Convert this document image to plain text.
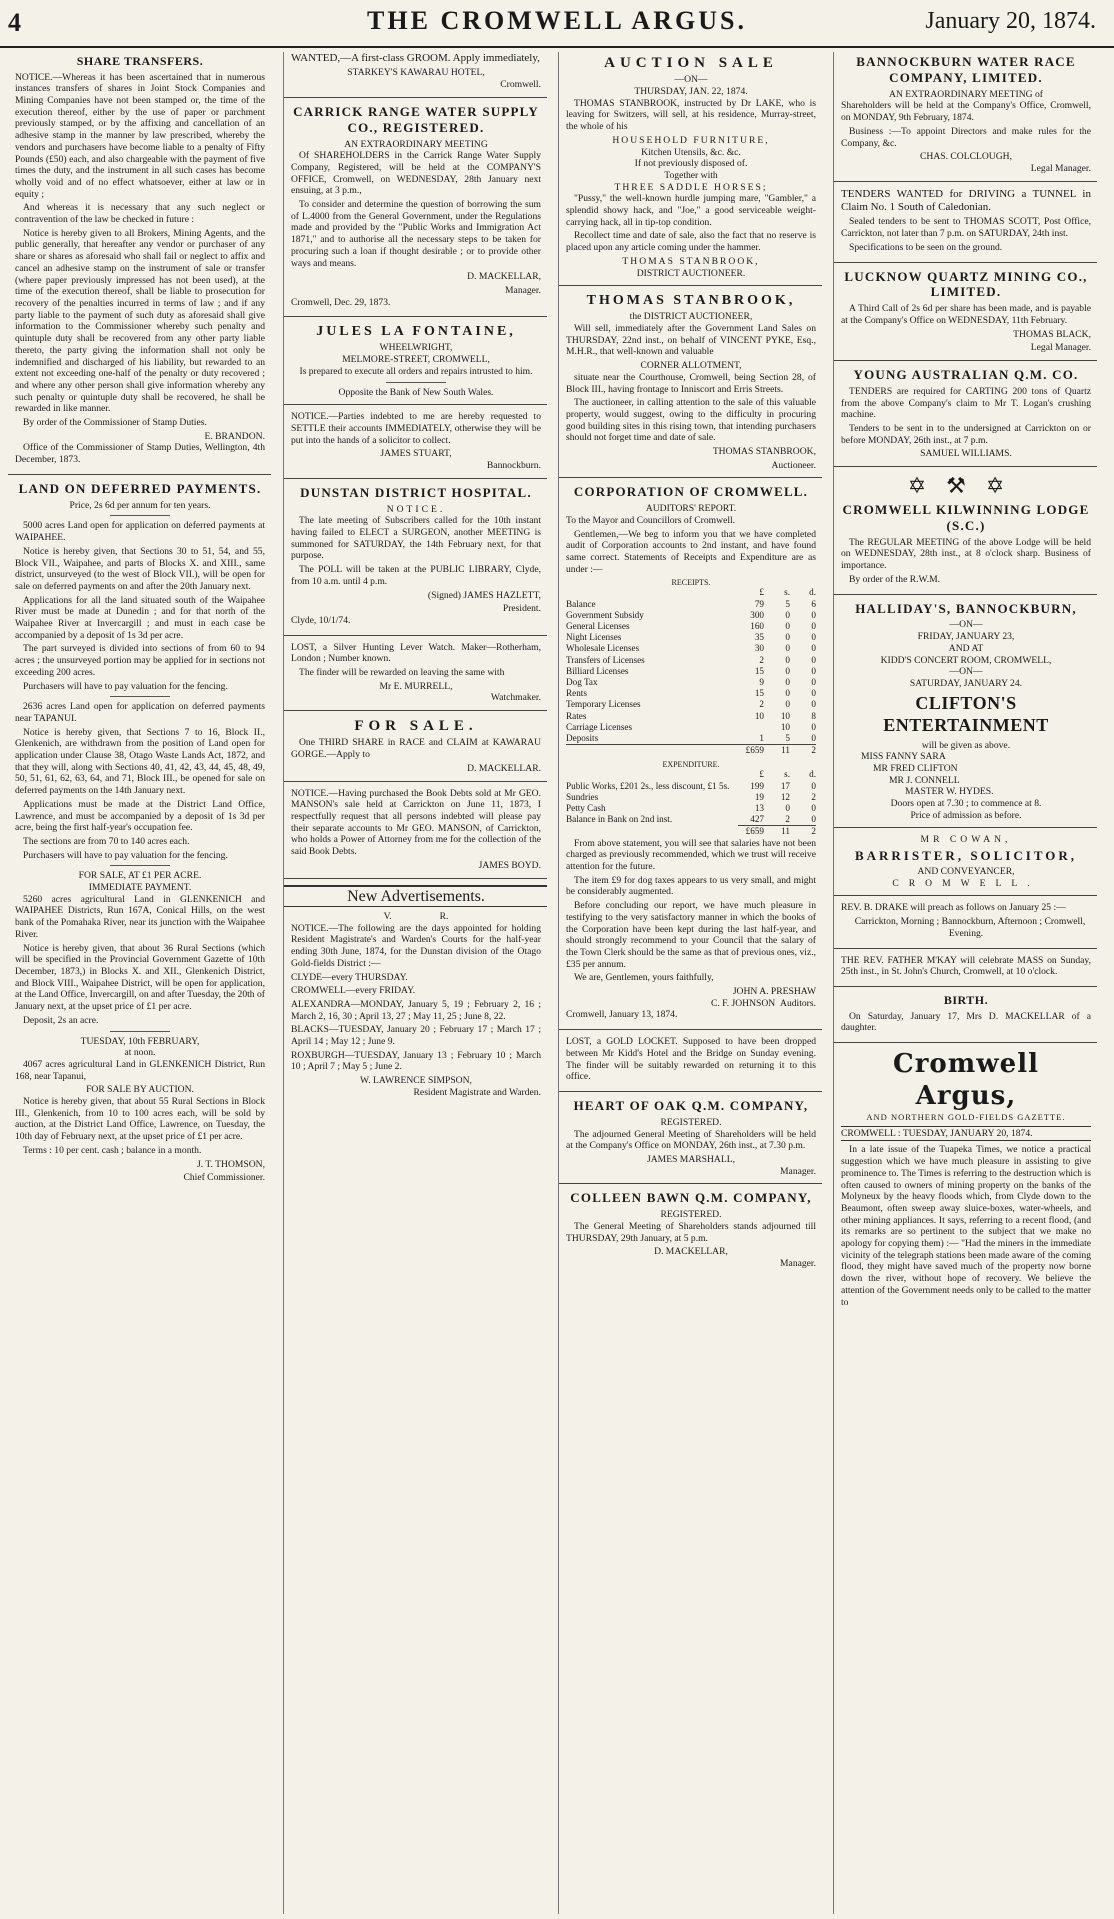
4	THE CROMWELL ARGUS.	January 20, 1874.
SHARE TRANSFERS.

NOTICE.—Whereas it has been ascertained that in numerous instances transfers of shares in Joint Stock Companies and Mining Companies have not been stamped or, the time of the execution thereof, either by the use of paper or parchment previously stamped, or by the affixing and cancellation of an adhesive stamp in the manner by law prescribed, whereby the vendors and purchasers have become liable to a penalty of Fifty Pounds (£50) each, and also chargeable with the payment of five times the duty, and the instrument in all such cases has become wholly void and of no effect whatsoever, either at law or in equity ;

And whereas it is necessary that any such neglect or contravention of the law be checked in future :

Notice is hereby given to all Brokers, Mining Agents, and the public generally, that hereafter any vendor or purchaser of any share or shares as aforesaid who shall fail or neglect to affix and cancel an adhesive stamp on the instrument of sale or transfer (where paper previously impressed has not been used), at the time of the execution thereof, shall be liable to prosecution for recovery of the penalties incurred in terms of law ; and if any party liable to the payment of such duty as aforesaid shall give information to the Commissioner whereby such penalty and quintuple duty shall be recovered from any other party liable thereto, the party giving the information shall not only be indemnified and discharged of his liability, but rewarded to an extent not exceeding one-half of the penalty or duty recovered ; and where any other person shall give information whereby any such penalty or quintuple duty shall be recovered, he shall be rewarded in like manner.

By order of the Commissioner of Stamp Duties.

E. BRANDON.

Office of the Commissioner of Stamp Duties, Wellington, 4th December, 1873.

LAND ON DEFERRED PAYMENTS.
Price, 2s 6d per annum for ten years.

5000 acres Land open for application on deferred payments at WAIPAHEE.

Notice is hereby given, that Sections 30 to 51, 54, and 55, Block VII., Waipahee, and parts of Blocks X. and XIII., same district, unsurveyed (to the west of Block VII.), will be open for sale on deferred payments on and after the 20th January next.

Applications for all the land situated south of the Waipahee River must be made at Dunedin ; and for that north of the Waipahee River at Invercargill ; and must in each case be accompanied by a deposit of 1s 3d per acre.

The part surveyed is divided into sections of from 60 to 94 acres ; the unsurveyed portion may be applied for in sections not exceeding 200 acres.

Purchasers will have to pay valuation for the fencing.

2636 acres Land open for application on deferred payments near TAPANUI.

Notice is hereby given, that Sections 7 to 16, Block II., Glenkenich, are withdrawn from the position of Land open for application under Clause 38, Otago Waste Lands Act, 1872, and that they will, along with Sections 40, 41, 42, 43, 44, 45, 48, 49, 50, 51, 61, 62, 63, 64, and 71, Block III., be opened for sale on deferred payments on the 14th January next.

Applications must be made at the District Land Office, Lawrence, and must be accompanied by a deposit of 1s 3d per acre, being the first half-year's occupation fee.

The sections are from 70 to 140 acres each.

Purchasers will have to pay valuation for the fencing.

FOR SALE, AT £1 PER ACRE.
IMMEDIATE PAYMENT.

5260 acres agricultural Land in GLENKENICH and WAIPAHEE Districts, Run 167A, Conical Hills, on the west bank of the Pomahaka River, near its junction with the Waipahee River.

Notice is hereby given, that about 36 Rural Sections (which will be specified in the Provincial Government Gazette of 10th December, 1873,) in Blocks X. and XII., Glenkenich District, and Block VIII., Waipahee District, will be open for application, at the Land Office, Invercargill, on and after Tuesday, the 20th of January next, at the upset price of £1 per acre.

Deposit, 2s an acre.

TUESDAY, 10th FEBRUARY,
at noon.

4067 acres agricultural Land in GLENKENICH District, Run 168, near Tapanui,

FOR SALE BY AUCTION.

Notice is hereby given, that about 55 Rural Sections in Block III., Glenkenich, from 10 to 100 acres each, will be sold by auction, at the District Land Office, Lawrence, on Tuesday, the 10th day of February next, at the upset price of £1 per acre.

Terms : 10 per cent. cash ; balance in a month.

J. T. THOMSON,
Chief Commissioner.

WANTED,—A first-class GROOM. Apply immediately,

STARKEY'S KAWARAU HOTEL,
Cromwell.
CARRICK RANGE WATER SUPPLY CO., REGISTERED.
AN EXTRAORDINARY MEETING

Of SHAREHOLDERS in the Carrick Range Water Supply Company, Registered, will be held at the COMPANY'S OFFICE, Cromwell, on WEDNESDAY, 28th January next ensuing, at 3 p.m.,

To consider and determine the question of borrowing the sum of L.4000 from the General Government, under the Regulations made and provided by the "Public Works and Immigration Act 1871," and to authorise all the necessary steps to be taken for procuring such a loan if thought desirable ; or to provide other ways and means.

D. MACKELLAR,
Manager.

Cromwell, Dec. 29, 1873.

JULES LA FONTAINE,
WHEELWRIGHT,
MELMORE-STREET, CROMWELL,

Is prepared to execute all orders and repairs intrusted to him.

Opposite the Bank of New South Wales.

NOTICE.—Parties indebted to me are hereby requested to SETTLE their accounts IMMEDIATELY, otherwise they will be put into the hands of a solicitor to collect.

JAMES STUART,
Bannockburn.
DUNSTAN DISTRICT HOSPITAL.
NOTICE.

The late meeting of Subscribers called for the 10th instant having failed to ELECT a SURGEON, another MEETING is summoned for SATURDAY, the 14th February next, for that purpose.

The POLL will be taken at the PUBLIC LIBRARY, Clyde, from 10 a.m. until 4 p.m.

(Signed) JAMES HAZLETT,
President.

Clyde, 10/1/74.

LOST, a Silver Hunting Lever Watch. Maker—Rotherham, London ; Number known.

The finder will be rewarded on leaving the same with

Mr E. MURRELL,
Watchmaker.
FOR SALE.

One THIRD SHARE in RACE and CLAIM at KAWARAU GORGE.—Apply to

D. MACKELLAR.

NOTICE.—Having purchased the Book Debts sold at Mr GEO. MANSON's sale held at Carrickton on June 11, 1873, I respectfully request that all persons indebted will please pay their separate accounts to Mr GEO. MANSON, of Carrickton, who holds a Power of Attorney from me for the collection of the said Book Debts.

JAMES BOYD.
New Advertisements.
V.                    R.

NOTICE.—The following are the days appointed for holding Resident Magistrate's and Warden's Courts for the half-year ending 30th June, 1874, for the Dunstan division of the Otago Gold-fields District :—

CLYDE—every THURSDAY.

CROMWELL—every FRIDAY.

ALEXANDRA—MONDAY, January 5, 19 ; February 2, 16 ; March 2, 16, 30 ; April 13, 27 ; May 11, 25 ; June 8, 22.

BLACKS—TUESDAY, January 20 ; February 17 ; March 17 ; April 14 ; May 12 ; June 9.

ROXBURGH—TUESDAY, January 13 ; February 10 ; March 10 ; April 7 ; May 5 ; June 2.

W. LAWRENCE SIMPSON,
Resident Magistrate and Warden.
AUCTION SALE
—ON—
THURSDAY, JAN. 22, 1874.

THOMAS STANBROOK, instructed by Dr LAKE, who is leaving for Switzers, will sell, at his residence, Murray-street, the whole of his

HOUSEHOLD FURNITURE,
Kitchen Utensils, &c. &c.
If not previously disposed of.
Together with
THREE SADDLE HORSES;

"Pussy," the well-known hurdle jumping mare, "Gambler," a splendid showy hack, and "Joe," a good serviceable weight-carrying hack, all in tip-top condition.

Recollect time and date of sale, also the fact that no reserve is placed upon any article coming under the hammer.

THOMAS STANBROOK,
DISTRICT AUCTIONEER.
THOMAS STANBROOK,
the DISTRICT AUCTIONEER,

Will sell, immediately after the Government Land Sales on THURSDAY, 22nd inst., on behalf of VINCENT PYKE, Esq., M.H.R., that well-known and valuable

CORNER ALLOTMENT,

situate near the Courthouse, Cromwell, being Section 28, of Block III., having frontage to Inniscort and Erris Streets.

The auctioneer, in calling attention to the sale of this valuable property, would suggest, owing to the difficulty in procuring good building sites in this rising town, that intending purchasers should not forget time and date of sale.

THOMAS STANBROOK,
Auctioneer.
CORPORATION OF CROMWELL.
AUDITORS' REPORT.

To the Mayor and Councillors of Cromwell.

Gentlemen,—We beg to inform you that we have completed audit of Corporation accounts to 2nd instant, and have found same correct. Statements of Receipts and Expenditure are as under :—

RECEIPTS.
	£	s.	d.
Balance	79	5	6
Government Subsidy	300	0	0
General Licenses	160	0	0
Night Licenses	35	0	0
Wholesale Licenses	30	0	0
Transfers of Licenses	2	0	0
Billiard Licenses	15	0	0
Dog Tax	9	0	0
Rents	15	0	0
Temporary Licenses	2	0	0
Rates	10	10	8
Carriage Licenses		10	0
Deposits	1	5	0
	£659	11	2
EXPENDITURE.
	£	s.	d.
Public Works, £201 2s., less discount, £1 5s.	199	17	0
Sundries	19	12	2
Petty Cash	13	0	0
Balance in Bank on 2nd inst.	427	2	0
	£659	11	2

From above statement, you will see that salaries have not been charged as previously recommended, which we trust will receive attention for the future.

The item £9 for dog taxes appears to us very small, and might be considerably augmented.

Before concluding our report, we have much pleasure in testifying to the very satisfactory manner in which the books of the Corporation have been kept during the last half-year, and should strongly recommend to your Council that the salary of the Town Clerk should be the same as that of previous ones, viz., £35 per annum.

We are, Gentlemen, yours faithfully,

JOHN A. PRESHAW
C. F. JOHNSON Auditors.

Cromwell, January 13, 1874.

LOST, a GOLD LOCKET. Supposed to have been dropped between Mr Kidd's Hotel and the Bridge on Sunday evening. The finder will be suitably rewarded on returning it to this office.

HEART OF OAK Q.M. COMPANY,
REGISTERED.

The adjourned General Meeting of Shareholders will be held at the Company's Office on MONDAY, 26th inst., at 7.30 p.m.

JAMES MARSHALL,
Manager.
COLLEEN BAWN Q.M. COMPANY,
REGISTERED.

The General Meeting of Shareholders stands adjourned till THURSDAY, 29th January, at 5 p.m.

D. MACKELLAR,
Manager.
BANNOCKBURN WATER RACE COMPANY, LIMITED.
AN EXTRAORDINARY MEETING of

Shareholders will be held at the Company's Office, Cromwell, on MONDAY, 9th February, 1874.

Business :—To appoint Directors and make rules for the Company, &c.

CHAS. COLCLOUGH,
Legal Manager.

TENDERS WANTED for DRIVING a TUNNEL in Claim No. 1 South of Caledonian.

Sealed tenders to be sent to THOMAS SCOTT, Post Office, Carrickton, not later than 7 p.m. on SATURDAY, 24th inst.

Specifications to be seen on the ground.

LUCKNOW QUARTZ MINING CO., LIMITED.

A Third Call of 2s 6d per share has been made, and is payable at the Company's Office on WEDNESDAY, 11th February.

THOMAS BLACK,
Legal Manager.
YOUNG AUSTRALIAN Q.M. CO.

TENDERS are required for CARTING 200 tons of Quartz from the above Company's claim to Mr T. Logan's crushing machine.

Tenders to be sent in to the undersigned at Carrickton on or before MONDAY, 26th inst., at 7 p.m.

SAMUEL WILLIAMS.
✡⚒✡
CROMWELL KILWINNING LODGE (S.C.)

The REGULAR MEETING of the above Lodge will be held on WEDNESDAY, 28th inst., at 8 o'clock sharp. Business of importance.

By order of the R.W.M.

HALLIDAY'S, BANNOCKBURN,
—ON—
FRIDAY, JANUARY 23,
AND AT
KIDD'S CONCERT ROOM, CROMWELL,
—ON—
SATURDAY, JANUARY 24.
CLIFTON'S ENTERTAINMENT
will be given as above.
MISS FANNY SARA
MR FRED CLIFTON
MR J. CONNELL
MASTER W. HYDES.
Doors open at 7.30 ; to commence at 8.
Price of admission as before.
MR COWAN,
BARRISTER, SOLICITOR,
AND CONVEYANCER,
CROMWELL.

REV. B. DRAKE will preach as follows on January 25 :—

Carrickton, Morning ; Bannockburn, Afternoon ; Cromwell, Evening.

THE REV. FATHER M'KAY will celebrate MASS on Sunday, 25th inst., in St. John's Church, Cromwell, at 10 o'clock.

BIRTH.

On Saturday, January 17, Mrs D. MACKELLAR of a daughter.

Cromwell Argus,
AND NORTHERN GOLD-FIELDS GAZETTE.
CROMWELL : TUESDAY, JANUARY 20, 1874.

In a late issue of the Tuapeka Times, we notice a practical suggestion which we have much pleasure in assisting to give prominence to. The Times is referring to the destruction which is often caused to owners of mining property on the banks of the Molyneux by the heavy floods which, from Clyde down to the Beaumont, often sweep away sluice-boxes, water-wheels, and other mining appliances. It says, referring to a recent flood, (and its remarks are so pertinent to the subject that we make no apology for copying them) :— "Had the miners in the immediate vicinity of the telegraph stations been made aware of the coming flood, they might have saved much of the property now borne down the river, without hope of recovery. We believe the attention of the Government needs only to be called to the matter to
